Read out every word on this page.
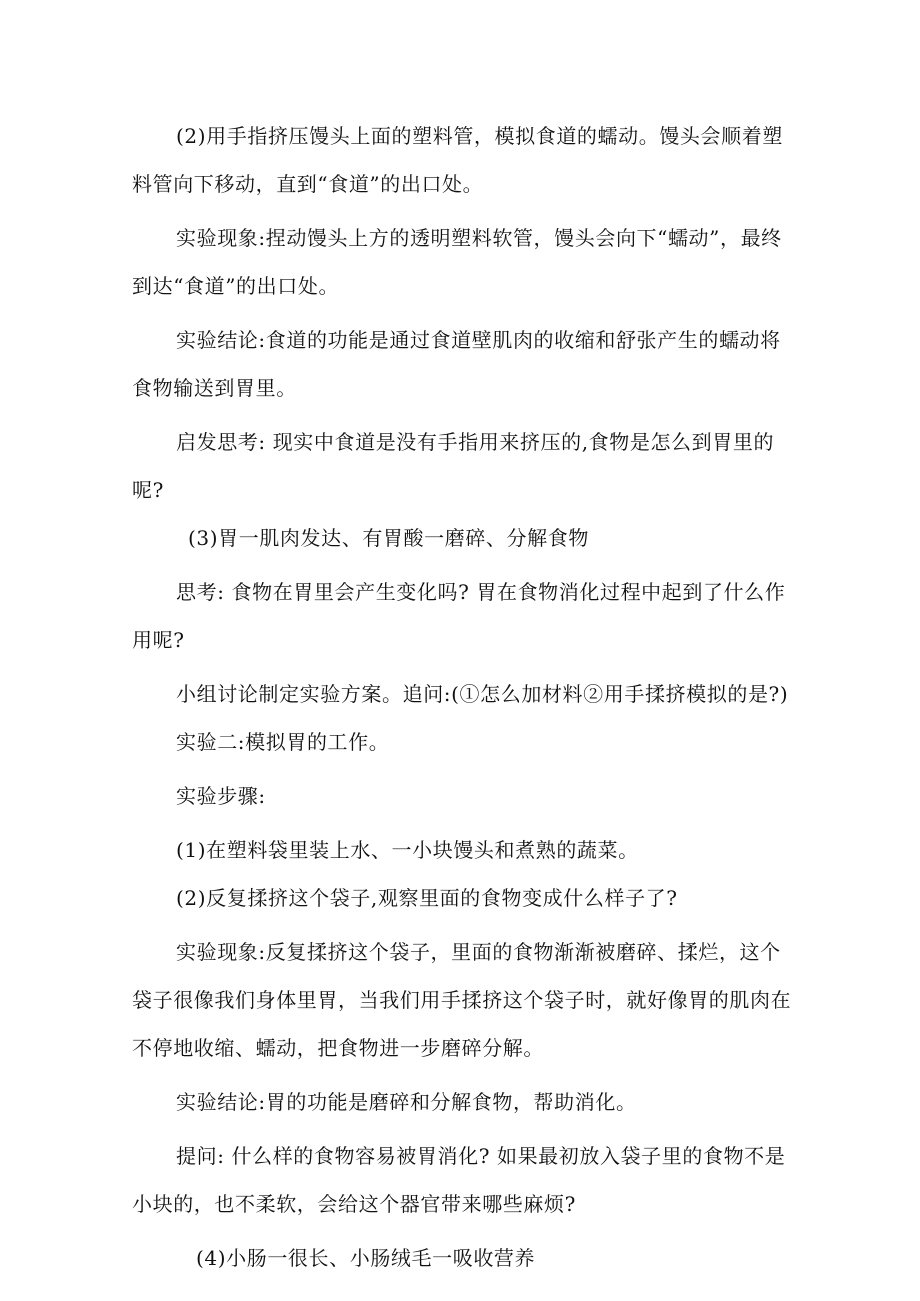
(2)用手指挤压馒头上面的塑料管，模拟食道的蠕动。馒头会顺着塑料管向下移动，直到“食道”的出口处。

实验现象:捏动馒头上方的透明塑料软管，馒头会向下“蠕动”，最终到达“食道”的出口处。

实验结论:食道的功能是通过食道壁肌肉的收缩和舒张产生的蠕动将食物输送到胃里。

启发思考: 现实中食道是没有手指用来挤压的,食物是怎么到胃里的呢?

(3)胃一肌肉发达、有胃酸一磨碎、分解食物

思考: 食物在胃里会产生变化吗? 胃在食物消化过程中起到了什么作用呢?

小组讨论制定实验方案。追问:(①怎么加材料②用手揉挤模拟的是?)

实验二:模拟胃的工作。

实验步骤:

(1)在塑料袋里装上水、一小块馒头和煮熟的蔬菜。

(2)反复揉挤这个袋子,观察里面的食物变成什么样子了?

实验现象:反复揉挤这个袋子，里面的食物渐渐被磨碎、揉烂，这个袋子很像我们身体里胃，当我们用手揉挤这个袋子时，就好像胃的肌肉在不停地收缩、蠕动，把食物进一步磨碎分解。

实验结论:胃的功能是磨碎和分解食物，帮助消化。

提问: 什么样的食物容易被胃消化? 如果最初放入袋子里的食物不是小块的，也不柔软，会给这个器官带来哪些麻烦?

(4)小肠一很长、小肠绒毛一吸收营养
